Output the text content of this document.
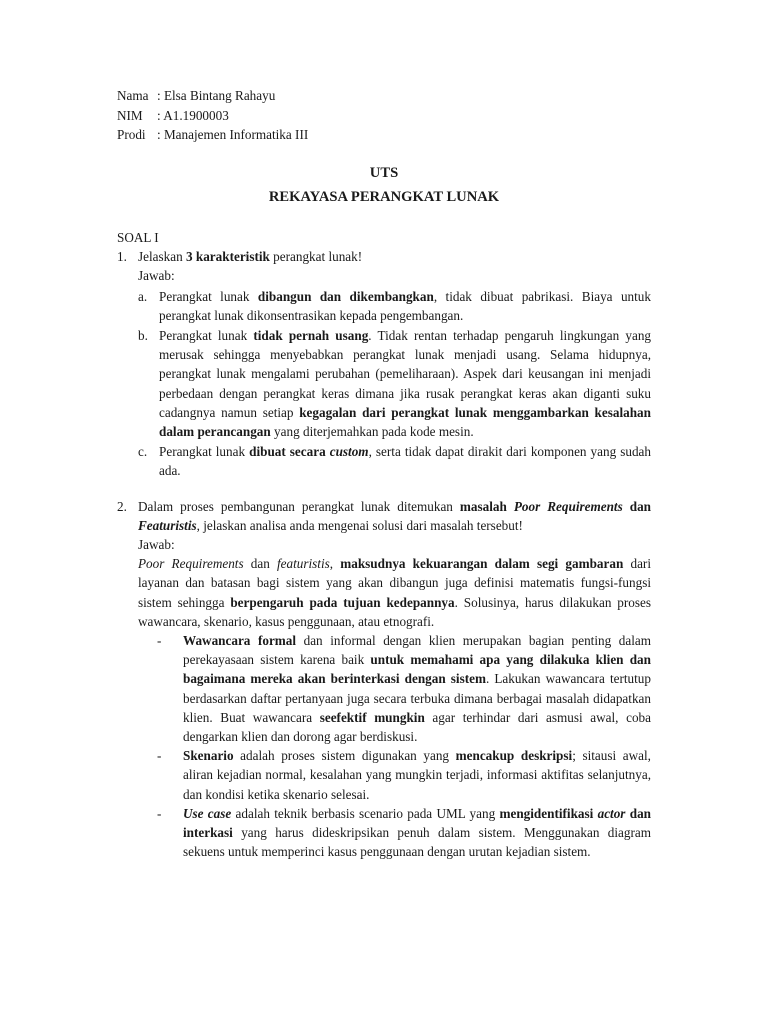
Nama : Elsa Bintang Rahayu
NIM	: A1.1900003
Prodi : Manajemen Informatika III
UTS
REKAYASA PERANGKAT LUNAK

SOAL I

1. Jelaskan 3 karakteristik perangkat lunak!

Jawab:

a. Perangkat lunak dibangun dan dikembangkan, tidak dibuat pabrikasi. Biaya untuk perangkat lunak dikonsentrasikan kepada pengembangan.
b. Perangkat lunak tidak pernah usang. Tidak rentan terhadap pengaruh lingkungan yang merusak sehingga menyebabkan perangkat lunak menjadi usang. Selama hidupnya, perangkat lunak mengalami perubahan (pemeliharaan). Aspek dari keusangan ini menjadi perbedaan dengan perangkat keras dimana jika rusak perangkat keras akan diganti suku cadangnya namun setiap kegagalan dari perangkat lunak menggambarkan kesalahan dalam perancangan yang diterjemahkan pada kode mesin.
c. Perangkat lunak dibuat secara custom, serta tidak dapat dirakit dari komponen yang sudah ada.
2. Dalam proses pembangunan perangkat lunak ditemukan masalah Poor Requirements dan Featuristis, jelaskan analisa anda mengenai solusi dari masalah tersebut!

Jawab:

Poor Requirements dan featuristis, maksudnya kekuarangan dalam segi gambaran dari layanan dan batasan bagi sistem yang akan dibangun juga definisi matematis fungsi-fungsi sistem sehingga berpengaruh pada tujuan kedepannya. Solusinya, harus dilakukan proses wawancara, skenario, kasus penggunaan, atau etnografi.

-	Wawancara formal dan informal dengan klien merupakan bagian penting dalam perekayasaan sistem karena baik untuk memahami apa yang dilakuka klien dan bagaimana mereka akan berinterkasi dengan sistem. Lakukan wawancara tertutup berdasarkan daftar pertanyaan juga secara terbuka dimana berbagai masalah didapatkan klien. Buat wawancara seefektif mungkin agar terhindar dari asmusi awal, coba dengarkan klien dan dorong agar berdiskusi.
-	Skenario adalah proses sistem digunakan yang mencakup deskripsi; sitausi awal, aliran kejadian normal, kesalahan yang mungkin terjadi, informasi aktifitas selanjutnya, dan kondisi ketika skenario selesai.
-	Use case adalah teknik berbasis scenario pada UML yang mengidentifikasi actor dan interkasi yang harus dideskripsikan penuh dalam sistem. Menggunakan diagram sekuens untuk memperinci kasus penggunaan dengan urutan kejadian sistem.
